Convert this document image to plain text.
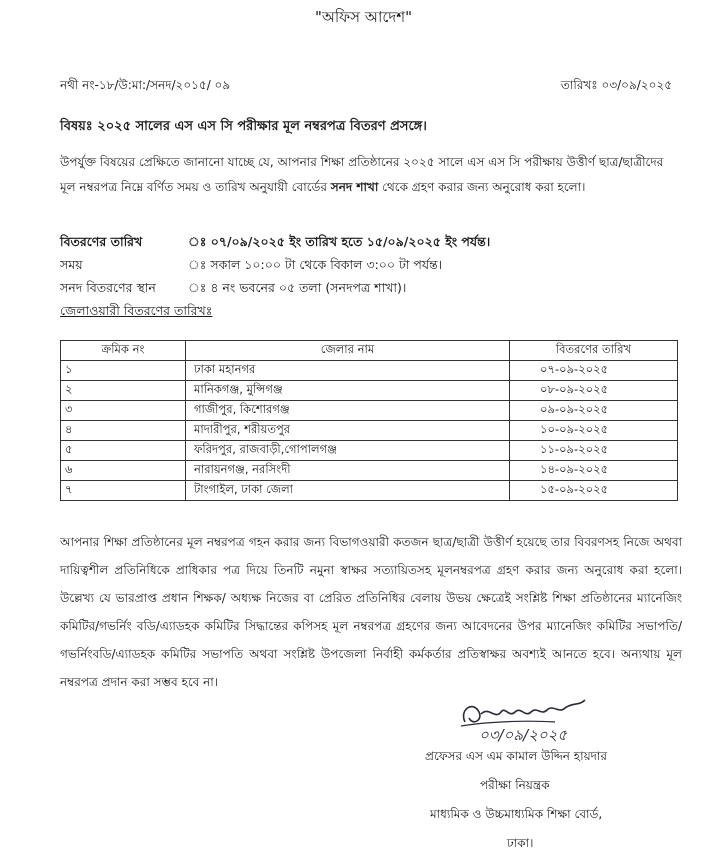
"অফিস আদেশ"
নথী নং-১৮/উ:মা:/সনদ/২০১৫/ ০৯	তারিখঃ ০৩/০৯/২০২৫
বিষয়ঃ ২০২৫ সালের এস এস সি পরীক্ষার মূল নম্বরপত্র বিতরণ প্রসঙ্গে।
উপর্যুক্ত বিষয়ের প্রেক্ষিতে জানানো যাচ্ছে যে, আপনার শিক্ষা প্রতিষ্ঠানের ২০২৫ সালে এস এস সি পরীক্ষায় উত্তীর্ণ ছাত্র/ছাত্রীদের মূল নম্বরপত্র নিম্নে বর্ণিত সময় ও তারিখ অনুযায়ী বোর্ডের সনদ শাখা থেকে গ্রহণ করার জন্য অনুরোধ করা হলো।
বিতরণের তারিখ	ঃ ০৭/০৯/২০২৫ ইং তারিখ হতে ১৫/০৯/২০২৫ ইং পর্যন্ত।
সময়	ঃ সকাল ১০:০০ টা থেকে বিকাল ৩:০০ টা পর্যন্ত।
সনদ বিতরণের স্থান	ঃ ৪ নং ভবনের ০৫ তলা (সনদপত্র শাখা)।
জেলাওয়ারী বিতরণের তারিখঃ
ক্রমিক নং	জেলার নাম	বিতরণের তারিখ
১	ঢাকা মহানগর	০৭-০৯-২০২৫
২	মানিকগঞ্জ, মুন্সিগঞ্জ	০৮-০৯-২০২৫
৩	গাজীপুর, কিশোরগঞ্জ	০৯-০৯-২০২৫
৪	মাদারীপুর, শরীয়তপুর	১০-০৯-২০২৫
৫	ফরিদপুর, রাজবাড়ী,গোপালগঞ্জ	১১-০৯-২০২৫
৬	নারায়নগঞ্জ, নরসিংদী	১৪-০৯-২০২৫
৭	টাংগাইল, ঢাকা জেলা	১৫-০৯-২০২৫
আপনার শিক্ষা প্রতিষ্ঠানের মূল নম্বরপত্র গহন করার জন্য বিভাগওয়ারী কতজন ছাত্র/ছাত্রী উত্তীর্ণ হয়েছে তার বিবরণসহ নিজে অথবা দায়িত্বশীল প্রতিনিধিকে প্রাধিকার পত্র দিয়ে তিনটি নমুনা স্বাক্ষর সত্যায়িতসহ মূলনম্বরপত্র গ্রহণ করার জন্য অনুরোধ করা হলো। উল্লেখ্য যে ভারপ্রাপ্ত প্রধান শিক্ষক/ অধ্যক্ষ নিজের বা প্রেরিত প্রতিনিধির বেলায় উভয় ক্ষেত্রেই সংশ্লিষ্ট শিক্ষা প্রতিষ্ঠানের ম্যানেজিং কমিটির/গভর্নিং বডি/এ্যাডহক কমিটির সিদ্ধান্তের কপিসহ মূল নম্বরপত্র গ্রহণের জন্য আবেদনের উপর ম্যানেজিং কমিটির সভাপতি/গভর্নিংবডি/এ্যাডহক কমিটির সভাপতি অথবা সংশ্লিষ্ট উপজেলা নির্বাহী কর্মকর্তার প্রতিস্বাক্ষর অবশ্যই আনতে হবে। অন্যথায় মূল নম্বরপত্র প্রদান করা সম্ভব হবে না।
০৩/০৯/২০২৫
প্রফেসর এস এম কামাল উদ্দিন হায়দার
পরীক্ষা নিয়ন্ত্রক
মাধ্যমিক ও উচ্চমাধ্যমিক শিক্ষা বোর্ড,
ঢাকা।
